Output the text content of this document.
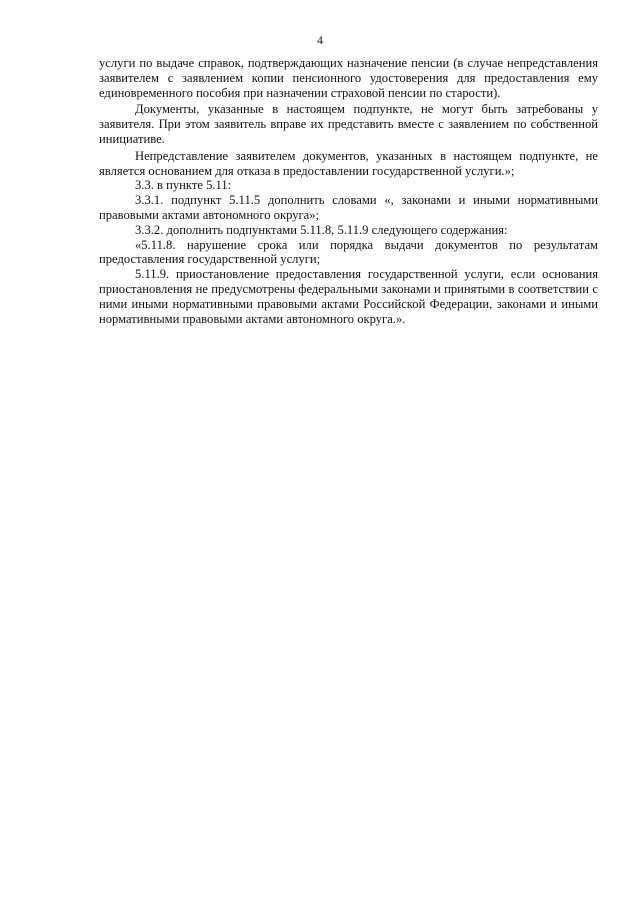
4

услуги по выдаче справок, подтверждающих назначение пенсии (в случае непредставления заявителем с заявлением копии пенсионного удостоверения для предоставления ему единовременного пособия при назначении страховой пенсии по старости).

Документы, указанные в настоящем подпункте, не могут быть затребованы у заявителя. При этом заявитель вправе их представить вместе с заявлением по собственной инициативе.

Непредставление заявителем документов, указанных в настоящем подпункте, не является основанием для отказа в предоставлении государственной услуги.»;

3.3. в пункте 5.11:

3.3.1. подпункт 5.11.5 дополнить словами «, законами и иными нормативными правовыми актами автономного округа»;

3.3.2. дополнить подпунктами 5.11.8, 5.11.9 следующего содержания:

«5.11.8. нарушение срока или порядка выдачи документов по результатам предоставления государственной услуги;

5.11.9. приостановление предоставления государственной услуги, если основания приостановления не предусмотрены федеральными законами и принятыми в соответствии с ними иными нормативными правовыми актами Российской Федерации, законами и иными нормативными правовыми актами автономного округа.».
